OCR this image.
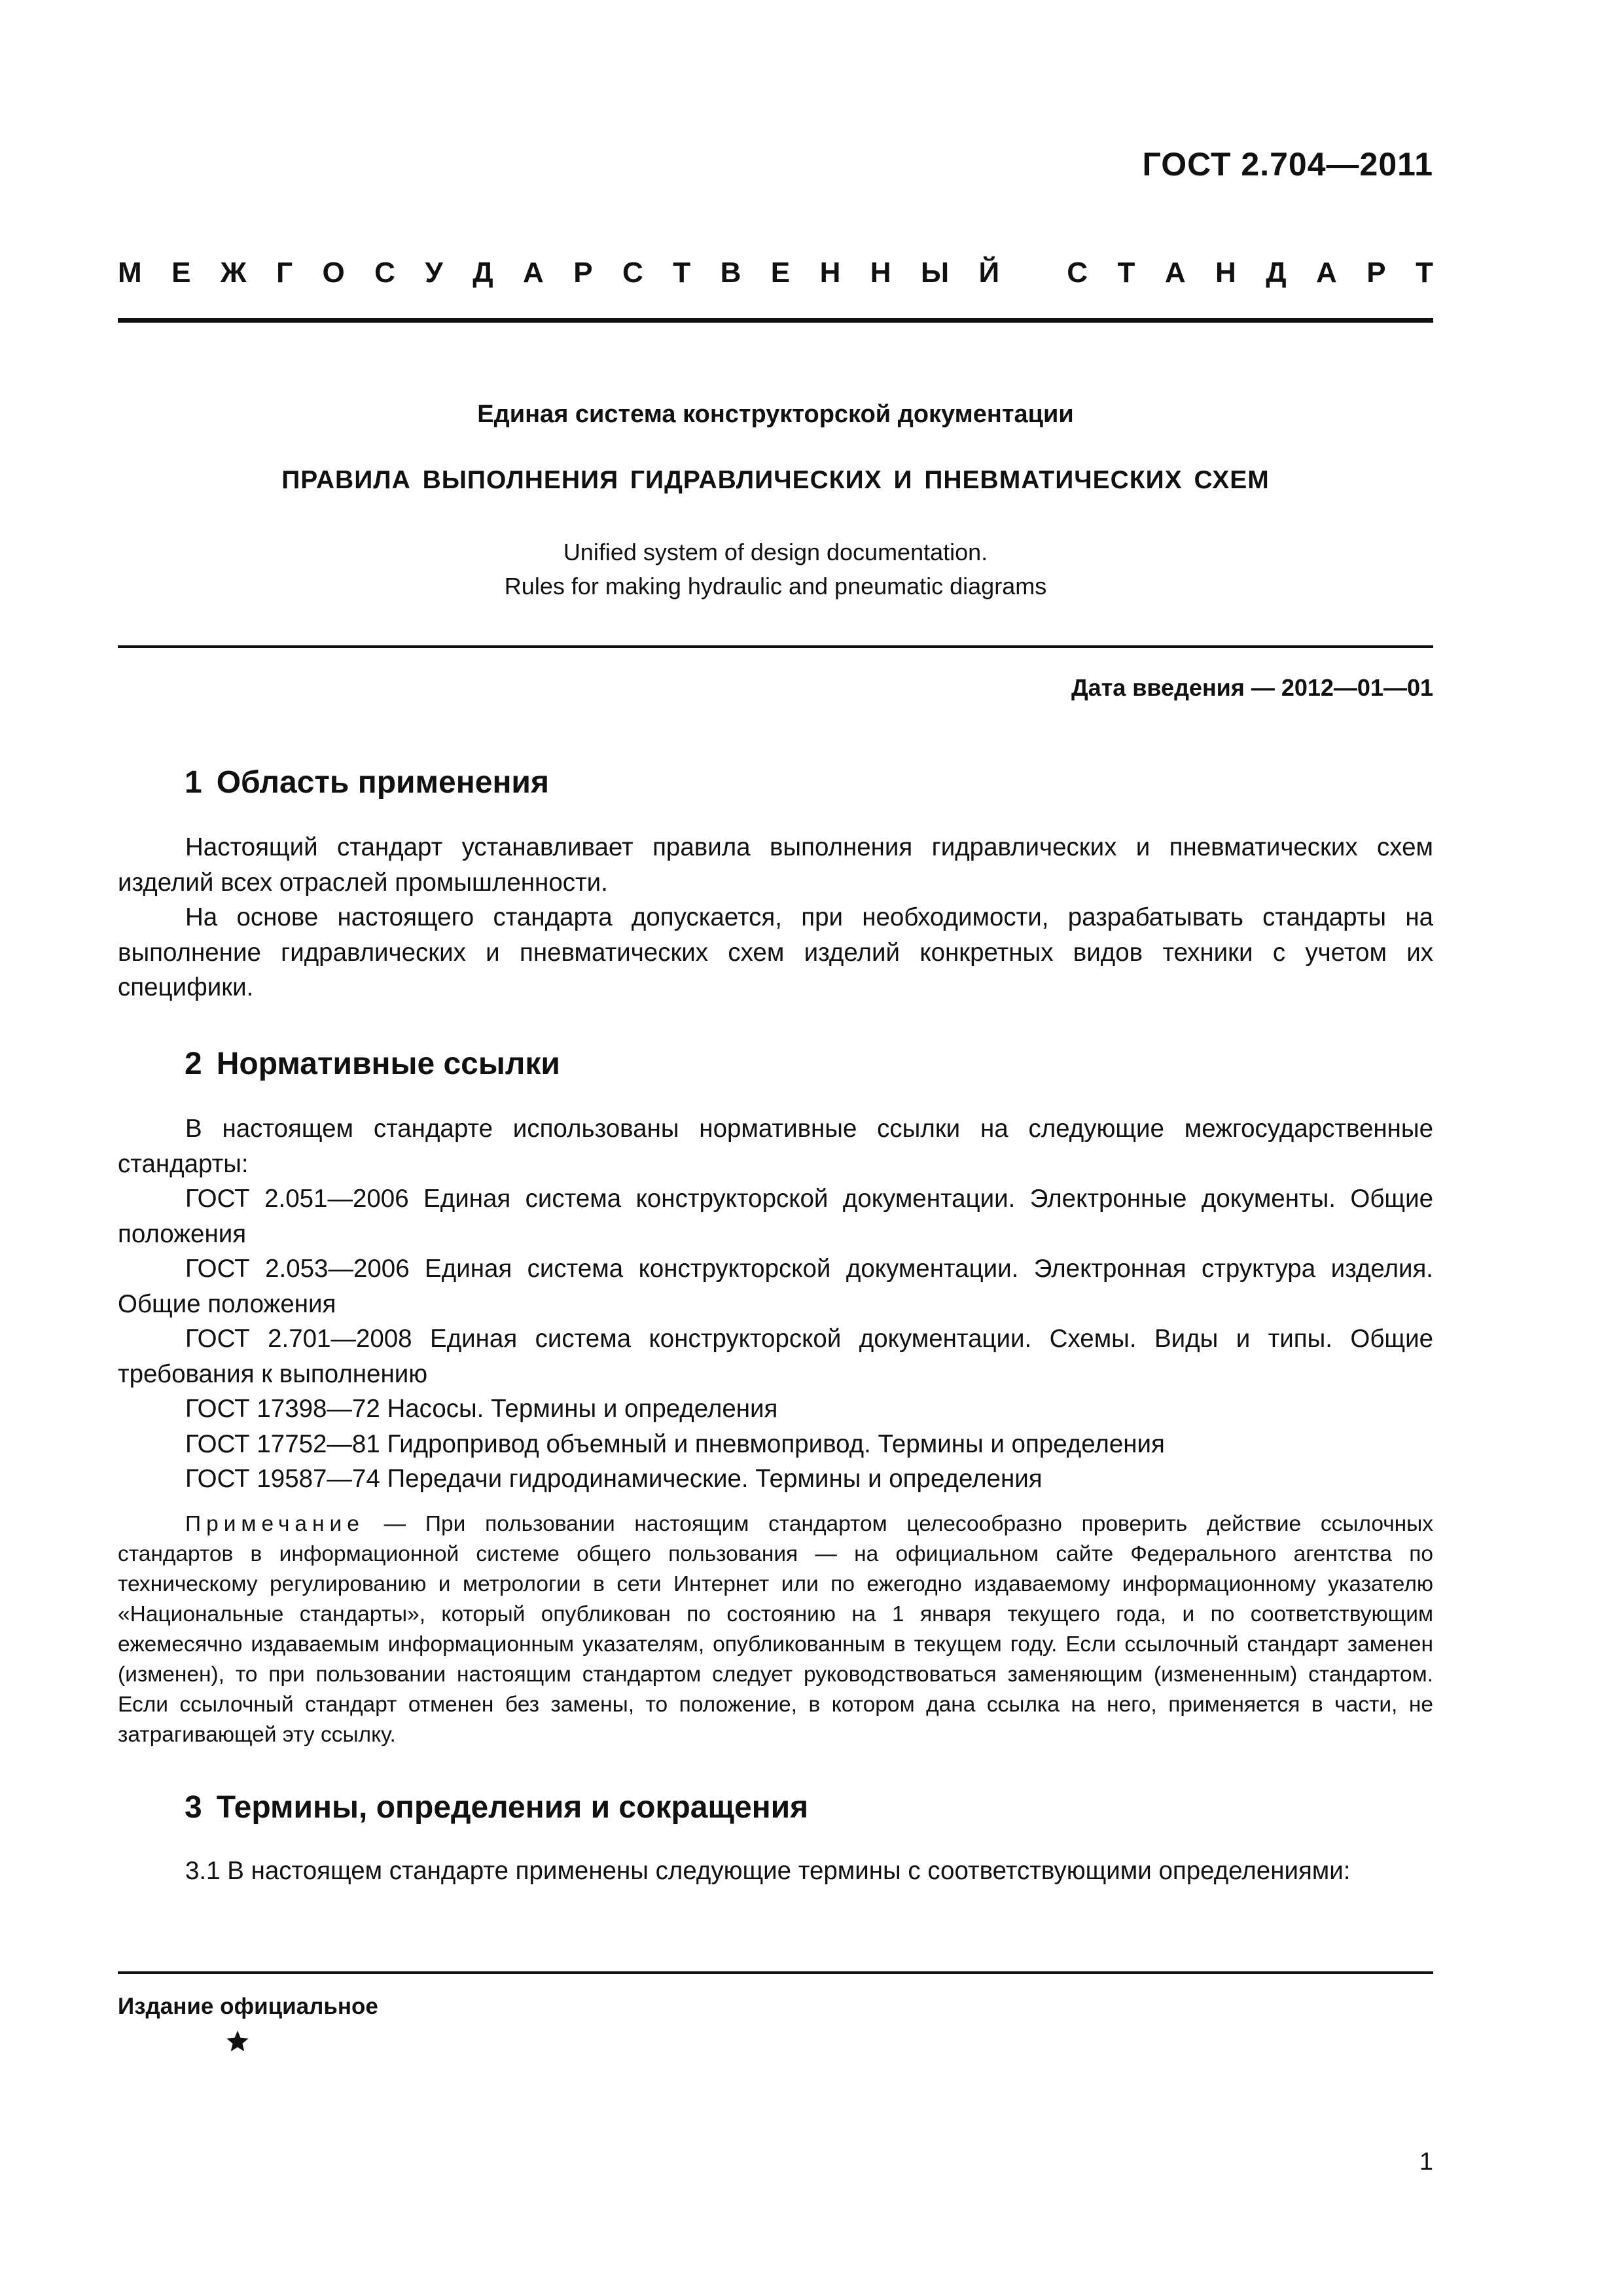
ГОСТ 2.704—2011
М Е Ж Г О С У Д А Р С Т В Е Н Н Ы Й
С Т А Н Д А Р Т
Единая система конструкторской документации
ПРАВИЛА ВЫПОЛНЕНИЯ ГИДРАВЛИЧЕСКИХ И ПНЕВМАТИЧЕСКИХ СХЕМ
Unified system of design documentation.
Rules for making hydraulic and pneumatic diagrams
Дата введения — 2012—01—01
1 Область применения

Настоящий стандарт устанавливает правила выполнения гидравлических и пневматических схем изделий всех отраслей промышленности.

На основе настоящего стандарта допускается, при необходимости, разрабатывать стандарты на выполнение гидравлических и пневматических схем изделий конкретных видов техники с учетом их специфики.

2 Нормативные ссылки
В настоящем стандарте использованы нормативные ссылки на следующие межгосударственные стандарты:
ГОСТ 2.051—2006 Единая система конструкторской документации. Электронные документы. Общие положения
ГОСТ 2.053—2006 Единая система конструкторской документации. Электронная структура изделия. Общие положения
ГОСТ 2.701—2008 Единая система конструкторской документации. Схемы. Виды и типы. Общие требования к выполнению
ГОСТ 17398—72 Насосы. Термины и определения
ГОСТ 17752—81 Гидропривод объемный и пневмопривод. Термины и определения
ГОСТ 19587—74 Передачи гидродинамические. Термины и определения
Примечание — При пользовании настоящим стандартом целесообразно проверить действие ссылочных стандартов в информационной системе общего пользования — на официальном сайте Федерального агентства по техническому регулированию и метрологии в сети Интернет или по ежегодно издаваемому информационному указателю «Национальные стандарты», который опубликован по состоянию на 1 января текущего года, и по соответствующим ежемесячно издаваемым информационным указателям, опубликованным в текущем году. Если ссылочный стандарт заменен (изменен), то при пользовании настоящим стандартом следует руководствоваться заменяющим (измененным) стандартом. Если ссылочный стандарт отменен без замены, то положение, в котором дана ссылка на него, применяется в части, не затрагивающей эту ссылку.
3 Термины, определения и сокращения

3.1 В настоящем стандарте применены следующие термины с соответствующими определениями:

Издание официальное
1
